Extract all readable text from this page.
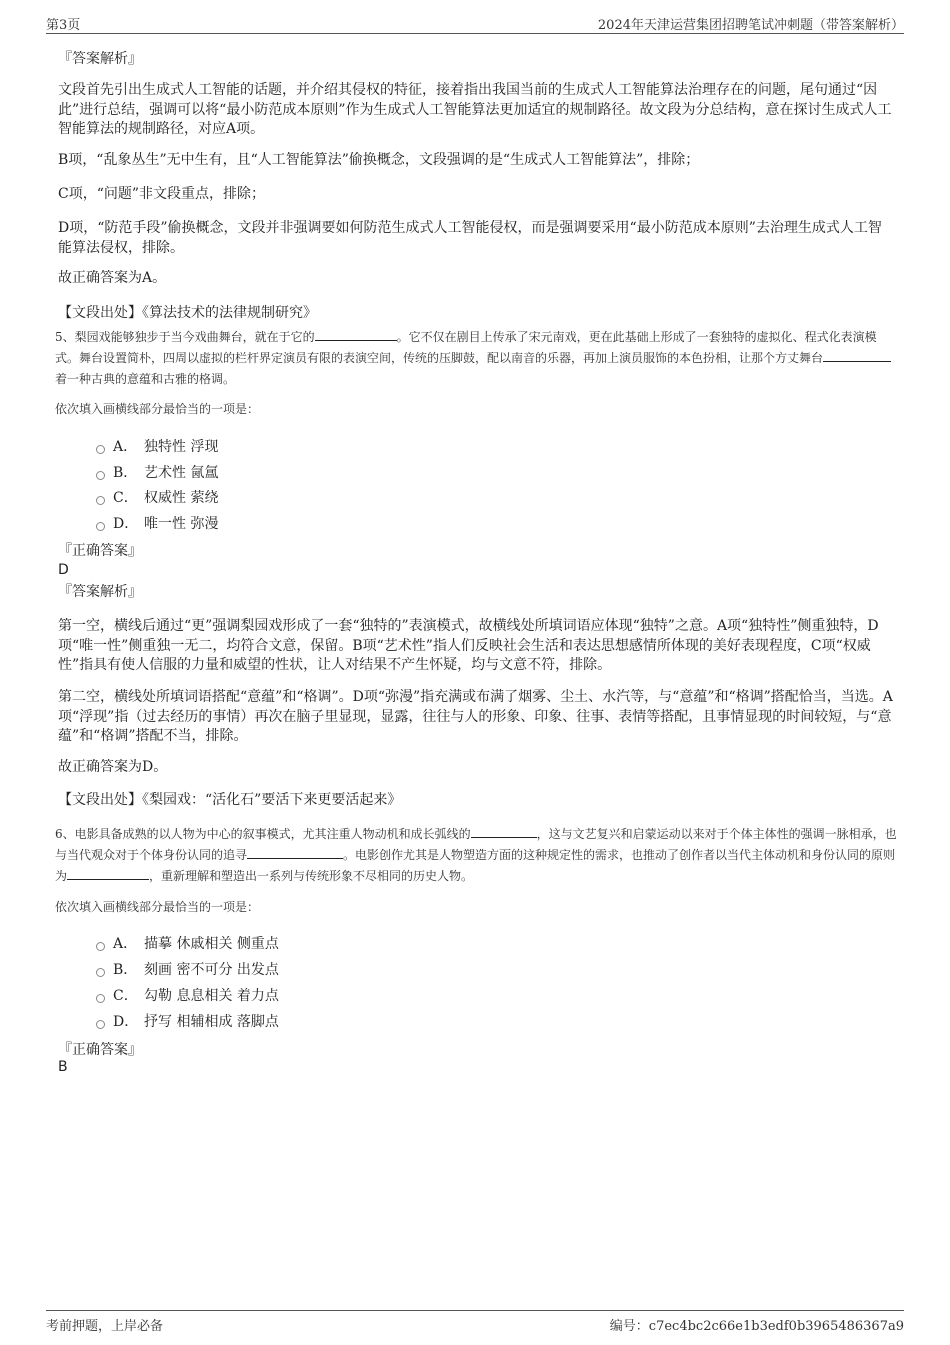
第3页	2024年天津运营集团招聘笔试冲刺题（带答案解析）
『答案解析』
文段首先引出生成式人工智能的话题，并介绍其侵权的特征，接着指出我国当前的生成式人工智能算法治理存在的问题，尾句通过“因此”进行总结，强调可以将“最小防范成本原则”作为生成式人工智能算法更加适宜的规制路径。故文段为分总结构，意在探讨生成式人工智能算法的规制路径，对应A项。
B项，“乱象丛生”无中生有，且“人工智能算法”偷换概念，文段强调的是“生成式人工智能算法”，排除；
C项，“问题”非文段重点，排除；
D项，“防范手段”偷换概念，文段并非强调要如何防范生成式人工智能侵权，而是强调要采用“最小防范成本原则”去治理生成式人工智能算法侵权，排除。
故正确答案为A。
【文段出处】《算法技术的法律规制研究》
5、梨园戏能够独步于当今戏曲舞台，就在于它的	。它不仅在剧目上传承了宋元南戏，更在此基础上形成了一套独特的虚拟化、程式化表演模式。舞台设置简朴，四周以虚拟的栏杆界定演员有限的表演空间，传统的压脚鼓，配以南音的乐器，再加上演员服饰的本色扮相，让那个方丈舞台着一种古典的意蕴和古雅的格调。
依次填入画横线部分最恰当的一项是：
A． 独特性 浮现
B． 艺术性 氤氲
C． 权威性 萦绕
D． 唯一性 弥漫
『正确答案』
D
『答案解析』
第一空，横线后通过“更”强调梨园戏形成了一套“独特的”表演模式，故横线处所填词语应体现“独特”之意。A项“独特性”侧重独特，D项“唯一性”侧重独一无二，均符合文意，保留。B项“艺术性”指人们反映社会生活和表达思想感情所体现的美好表现程度，C项“权威性”指具有使人信服的力量和威望的性状，让人对结果不产生怀疑，均与文意不符，排除。
第二空，横线处所填词语搭配“意蕴”和“格调”。D项“弥漫”指充满或布满了烟雾、尘土、水汽等，与“意蕴”和“格调”搭配恰当，当选。A项“浮现”指（过去经历的事情）再次在脑子里显现，显露，往往与人的形象、印象、往事、表情等搭配，且事情显现的时间较短，与“意蕴”和“格调”搭配不当，排除。
故正确答案为D。
【文段出处】《梨园戏：“活化石”要活下来更要活起来》
6、电影具备成熟的以人物为中心的叙事模式，尤其注重人物动机和成长弧线的	，这与文艺复兴和启蒙运动以来对于个体主体性的强调一脉相承，也与当代观众对于个体身份认同的追寻	。电影创作尤其是人物塑造方面的这种规定性的需求，也推动了创作者以当代主体动机和身份认同的原则为	，重新理解和塑造出一系列与传统形象不尽相同的历史人物。
依次填入画横线部分最恰当的一项是：
A． 描摹 休戚相关 侧重点
B． 刻画 密不可分 出发点
C． 勾勒 息息相关 着力点
D． 抒写 相辅相成 落脚点
『正确答案』
B
考前押题，上岸必备	编号：c7ec4bc2c66e1b3edf0b3965486367a9
